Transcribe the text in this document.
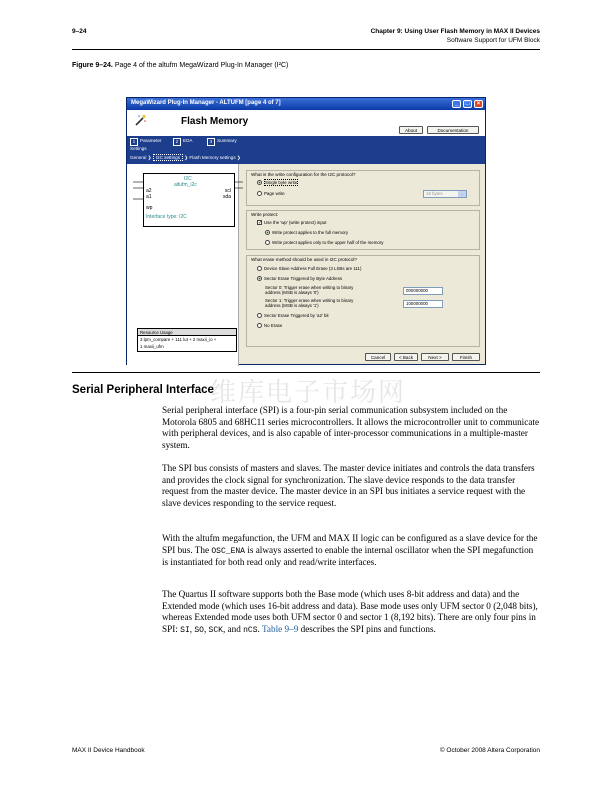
9–24	Chapter 9: Using User Flash Memory in MAX II Devices
Software Support for UFM Block
Figure 9–24. Page 4 of the altufm MegaWizard Plug-In Manager (I²C)
MegaWizard Plug-In Manager - ALTUFM [page 4 of 7]	_	□	×
Flash Memory
About	Documentation
1 Parameter Settings
2 EDA	3 Summary
General ❯ I2C settings ❯ Flash Memory settings ❯
I2C
altufm_i2c
a2
a1
wp
scl
sda
Interface type: I2C
Resource Usage
3 lpm_compare + 111 lut + 2 maxii_io +
1 maxii_ufm
What is the write configuration for the I2C protocol?
Single byte write
Page write	16 bytes	⌄
Write protect:
✓ Use the 'wp' (write protect) input
Write protect applies to the full memory
Write protect applies only to the upper half of the memory
What erase method should be used in I2C protocol?
Device Slave Address Full Erase (3 LSBs are 111)
Sector Erase Triggered by Byte Address
Sector 0: Trigger erase when writing to binary
address (MSB is always '0')	000000000
Sector 1: Trigger erase when writing to binary
address (MSB is always '1')	100000000
Sector Erase Triggered by 'a2' bit
No Erase
Cancel	< Back	Next >	Finish
维库电子市场网
Serial Peripheral Interface
Serial peripheral interface (SPI) is a four-pin serial communication subsystem included on the Motorola 6805 and 68HC11 series microcontrollers. It allows the microcontroller unit to communicate with peripheral devices, and is also capable of inter-processor communications in a multiple-master system.
The SPI bus consists of masters and slaves. The master device initiates and controls the data transfers and provides the clock signal for synchronization. The slave device responds to the data transfer request from the master device. The master device in an SPI bus initiates a service request with the slave devices responding to the service request.
With the altufm megafunction, the UFM and MAX II logic can be configured as a slave device for the SPI bus. The OSC_ENA is always asserted to enable the internal oscillator when the SPI megafunction is instantiated for both read only and read/write interfaces.
The Quartus II software supports both the Base mode (which uses 8-bit address and data) and the Extended mode (which uses 16-bit address and data). Base mode uses only UFM sector 0 (2,048 bits), whereas Extended mode uses both UFM sector 0 and sector 1 (8,192 bits). There are only four pins in SPI: SI, SO, SCK, and nCS. Table 9–9 describes the SPI pins and functions.
MAX II Device Handbook	© October 2008 Altera Corporation
